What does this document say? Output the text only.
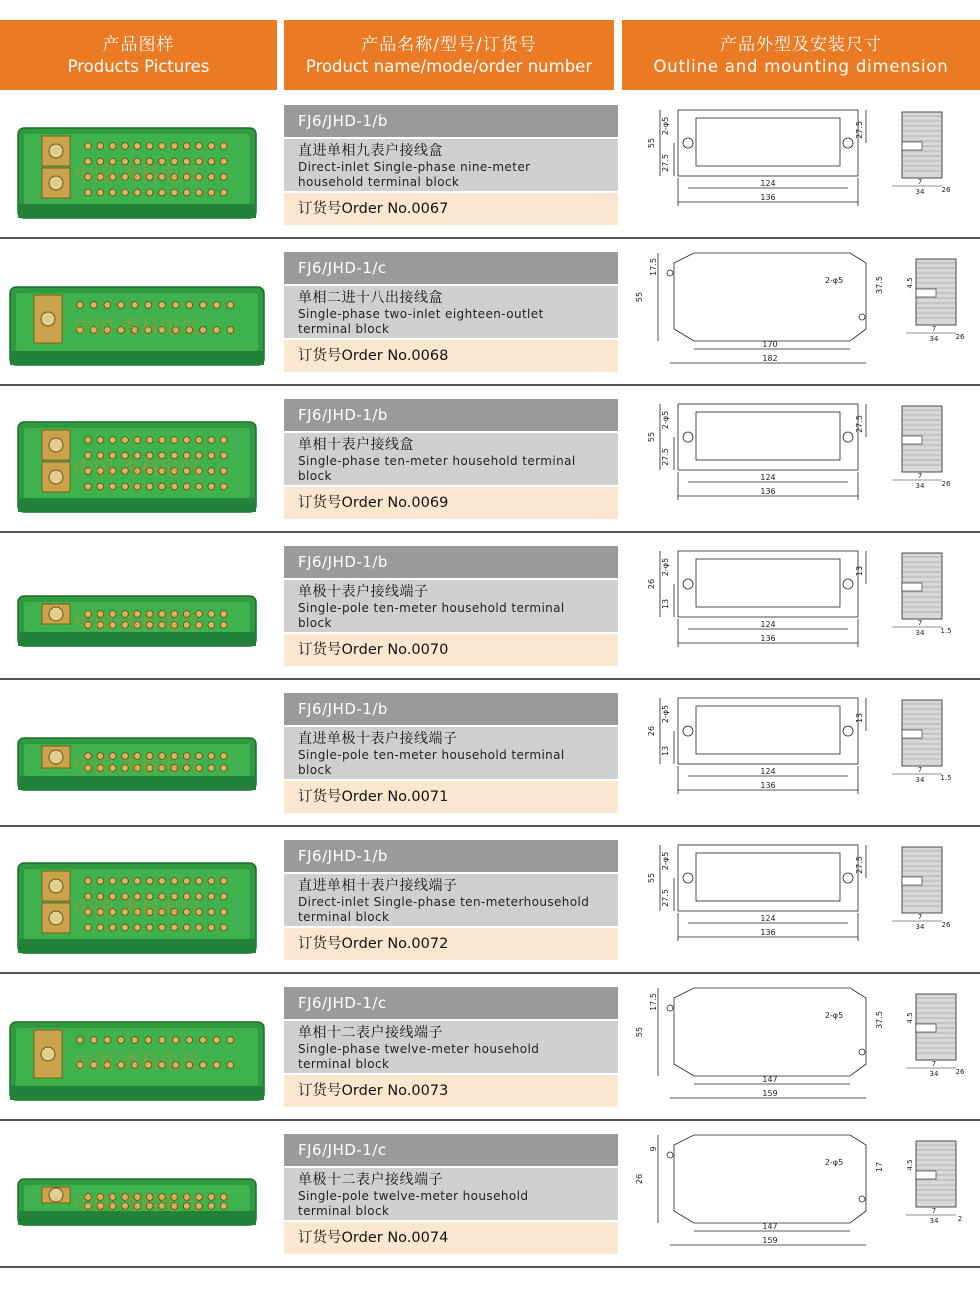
产品图样
Products Pictures
产品名称/型号/订货号
Product name/mode/order number
产品外型及安装尺寸
Outline and mounting dimension
中国·秀科电气
FJ6/JHD-1/b
直进单相九表户接线盒
Direct-inlet Single-phase nine-meter
household terminal block
订货号Order No.0067
55
2-φ5
27.5
27.5
124
136
7
34 26
中国·秀科电气
FJ6/JHD-1/c
单相二进十八出接线盒
Single-phase two-inlet eighteen-outlet
terminal block
订货号Order No.0068
55
17.5
37.5
2-φ5
170
182
7
34 26
4.5
中国·秀科电气
FJ6/JHD-1/b
单相十表户接线盒
Single-phase ten-meter household terminal
block
订货号Order No.0069
55
2-φ5
27.5
27.5
124
136
7
34 26
中国·秀科电气
FJ6/JHD-1/b
单极十表户接线端子
Single-pole ten-meter household terminal
block
订货号Order No.0070
26
2-φ5
13
13
124
136
7
34 1.5
中国·秀科电气
FJ6/JHD-1/b
直进单极十表户接线端子
Single-pole ten-meter household terminal
block
订货号Order No.0071
26
2-φ5
13
13
124
136
7
34 1.5
中国·秀科电气
FJ6/JHD-1/b
直进单相十表户接线端子
Direct-inlet Single-phase ten-meterhousehold
terminal block
订货号Order No.0072
55
2-φ5
27.5
27.5
124
136
7
34 26
中国·秀科电气
FJ6/JHD-1/c
单相十二表户接线端子
Single-phase twelve-meter household
terminal block
订货号Order No.0073
55
17.5
37.5
2-φ5
147
159
7
34 26
4.5
中国·秀科电气
FJ6/JHD-1/c
单极十二表户接线端子
Single-pole twelve-meter household
terminal block
订货号Order No.0074
26
9
17
2-φ5
147
159
7
34	2
4.5
